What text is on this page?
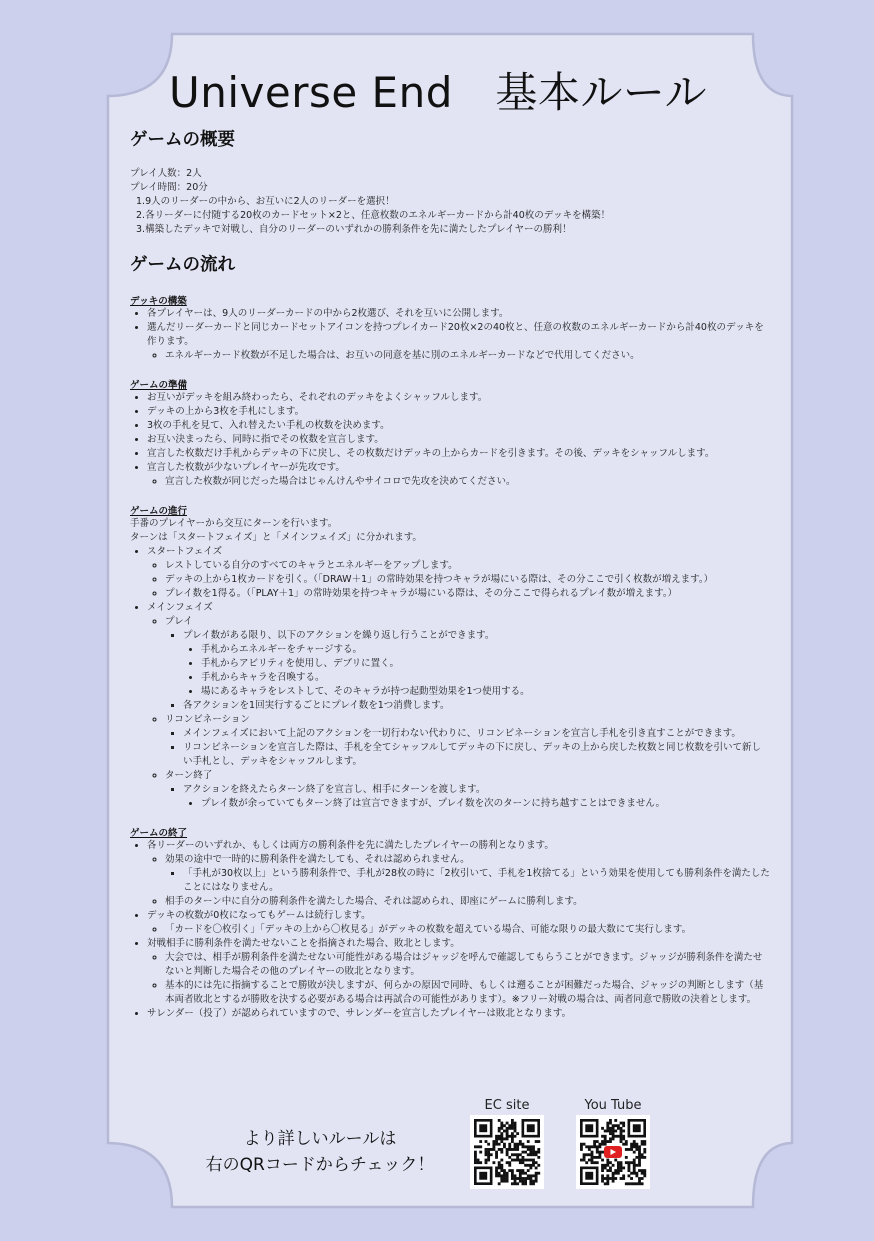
Universe End　基本ルール
ゲームの概要
プレイ人数：2人
プレイ時間：20分
1.9人のリーダーの中から、お互いに2人のリーダーを選択！
2.各リーダーに付随する20枚のカードセット×2と、任意枚数のエネルギーカードから計40枚のデッキを構築！
3.構築したデッキで対戦し、自分のリーダーのいずれかの勝利条件を先に満たしたプレイヤーの勝利！
ゲームの流れ
デッキの構築
• 各プレイヤーは、9人のリーダーカードの中から2枚選び、それを互いに公開します。
• 選んだリーダーカードと同じカードセットアイコンを持つプレイカード20枚×2の40枚と、任意の枚数のエネルギーカードから計40枚のデッキを作ります。
◦ エネルギーカード枚数が不足した場合は、お互いの同意を基に別のエネルギーカードなどで代用してください。
ゲームの準備
• お互いがデッキを組み終わったら、それぞれのデッキをよくシャッフルします。
• デッキの上から3枚を手札にします。
• 3枚の手札を見て、入れ替えたい手札の枚数を決めます。
• お互い決まったら、同時に指でその枚数を宣言します。
• 宣言した枚数だけ手札からデッキの下に戻し、その枚数だけデッキの上からカードを引きます。その後、デッキをシャッフルします。
• 宣言した枚数が少ないプレイヤーが先攻です。
◦ 宣言した枚数が同じだった場合はじゃんけんやサイコロで先攻を決めてください。
ゲームの進行
手番のプレイヤーから交互にターンを行います。
ターンは「スタートフェイズ」と「メインフェイズ」に分かれます。
• スタートフェイズ
◦ レストしている自分のすべてのキャラとエネルギーをアップします。
◦ デッキの上から1枚カードを引く。（「DRAW＋1」の常時効果を持つキャラが場にいる際は、その分ここで引く枚数が増えます。）
◦ プレイ数を1得る。（「PLAY＋1」の常時効果を持つキャラが場にいる際は、その分ここで得られるプレイ数が増えます。）
• メインフェイズ
◦ プレイ
▪ プレイ数がある限り、以下のアクションを繰り返し行うことができます。
• 手札からエネルギーをチャージする。
• 手札からアビリティを使用し、デブリに置く。
• 手札からキャラを召喚する。
• 場にあるキャラをレストして、そのキャラが持つ起動型効果を1つ使用する。
▪ 各アクションを1回実行するごとにプレイ数を1つ消費します。
◦ リコンビネーション
▪ メインフェイズにおいて上記のアクションを一切行わない代わりに、リコンビネーションを宣言し手札を引き直すことができます。
▪ リコンビネーションを宣言した際は、手札を全てシャッフルしてデッキの下に戻し、デッキの上から戻した枚数と同じ枚数を引いて新しい手札とし、デッキをシャッフルします。
◦ ターン終了
▪ アクションを終えたらターン終了を宣言し、相手にターンを渡します。
• プレイ数が余っていてもターン終了は宣言できますが、プレイ数を次のターンに持ち越すことはできません。
ゲームの終了
• 各リーダーのいずれか、もしくは両方の勝利条件を先に満たしたプレイヤーの勝利となります。
◦ 効果の途中で一時的に勝利条件を満たしても、それは認められません。
▪ 「手札が30枚以上」という勝利条件で、手札が28枚の時に「2枚引いて、手札を1枚捨てる」という効果を使用しても勝利条件を満たしたことにはなりません。
◦ 相手のターン中に自分の勝利条件を満たした場合、それは認められ、即座にゲームに勝利します。
• デッキの枚数が0枚になってもゲームは続行します。
◦ 「カードを〇枚引く」「デッキの上から〇枚見る」がデッキの枚数を超えている場合、可能な限りの最大数にて実行します。
• 対戦相手に勝利条件を満たせないことを指摘された場合、敗北とします。
◦ 大会では、相手が勝利条件を満たせない可能性がある場合はジャッジを呼んで確認してもらうことができます。ジャッジが勝利条件を満たせないと判断した場合その他のプレイヤーの敗北となります。
◦ 基本的には先に指摘することで勝敗が決しますが、何らかの原因で同時、もしくは遡ることが困難だった場合、ジャッジの判断とします（基本両者敗北とするが勝敗を決する必要がある場合は再試合の可能性があります）。※フリー対戦の場合は、両者同意で勝敗の決着とします。
• サレンダー（投了）が認められていますので、サレンダーを宣言したプレイヤーは敗北となります。
より詳しいルールは
右のQRコードからチェック！
EC site	You Tube
